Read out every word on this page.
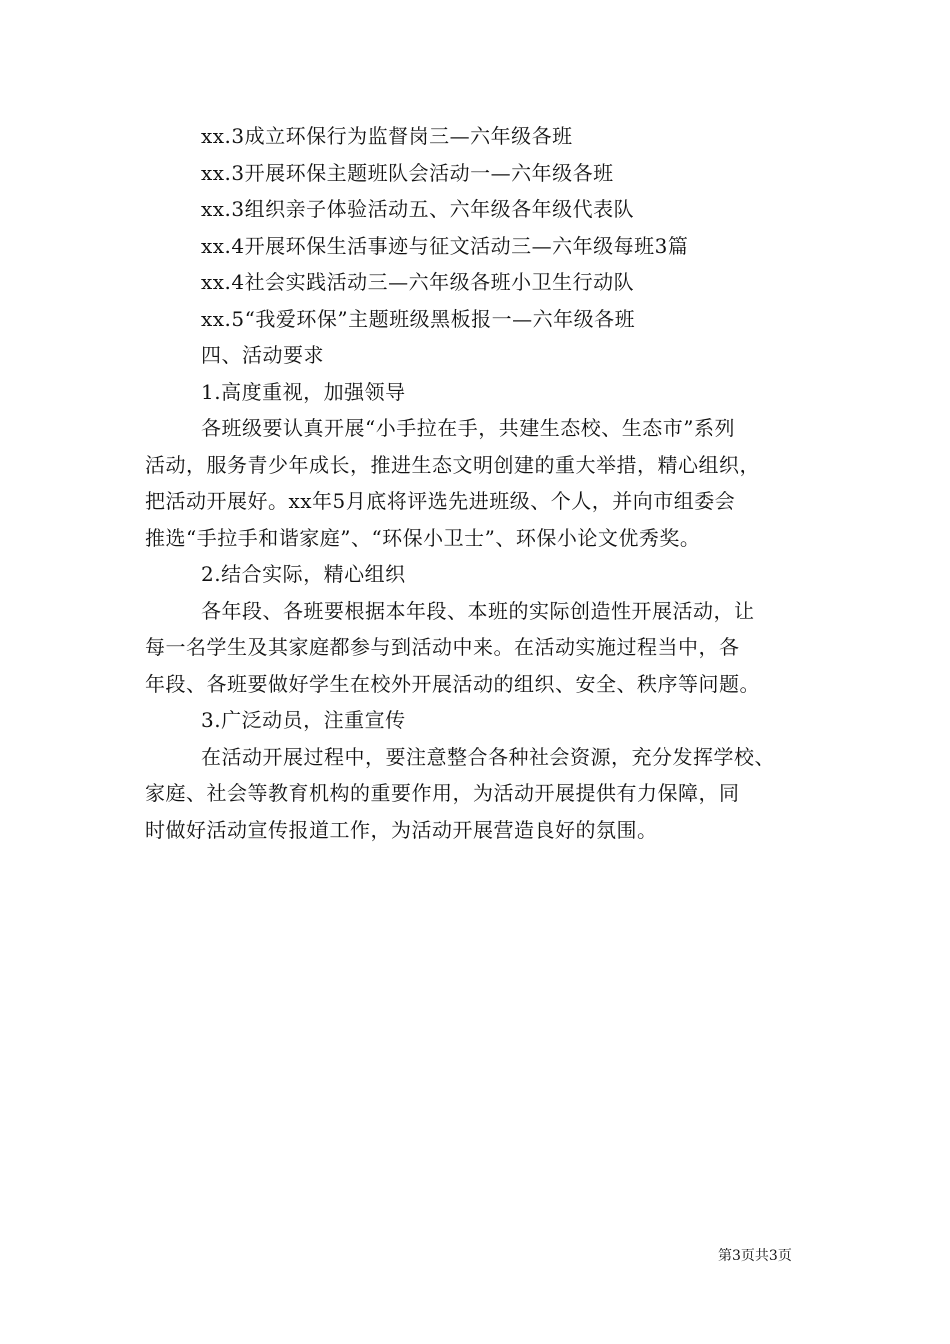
xx.3成立环保行为监督岗三—六年级各班
xx.3开展环保主题班队会活动一—六年级各班
xx.3组织亲子体验活动五、六年级各年级代表队
xx.4开展环保生活事迹与征文活动三—六年级每班3篇
xx.4社会实践活动三—六年级各班小卫生行动队
xx.5“我爱环保”主题班级黑板报一—六年级各班
四、活动要求
1.高度重视，加强领导
各班级要认真开展“小手拉在手，共建生态校、生态市”系列
活动，服务青少年成长，推进生态文明创建的重大举措，精心组织，
把活动开展好。xx年5月底将评选先进班级、个人，并向市组委会
推选“手拉手和谐家庭”、“环保小卫士”、环保小论文优秀奖。
2.结合实际，精心组织
各年段、各班要根据本年段、本班的实际创造性开展活动，让
每一名学生及其家庭都参与到活动中来。在活动实施过程当中，各
年段、各班要做好学生在校外开展活动的组织、安全、秩序等问题。
3.广泛动员，注重宣传
在活动开展过程中，要注意整合各种社会资源，充分发挥学校、
家庭、社会等教育机构的重要作用，为活动开展提供有力保障，同
时做好活动宣传报道工作，为活动开展营造良好的氛围。
第3页共3页
